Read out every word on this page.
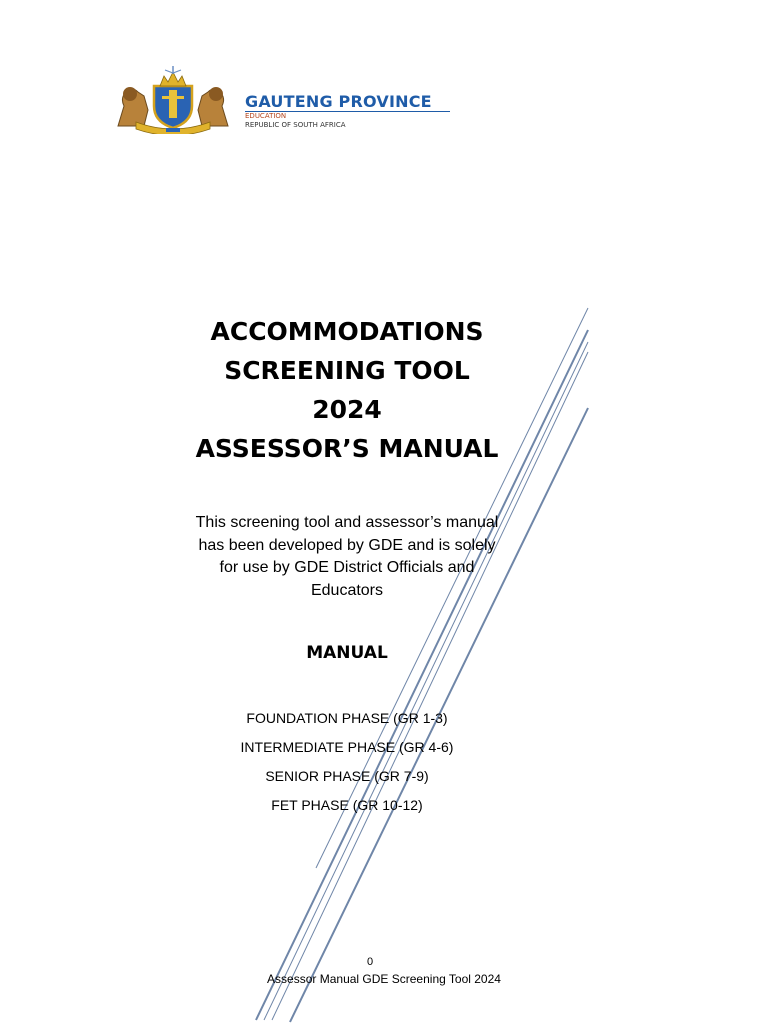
GAUTENG PROVINCE
EDUCATION
REPUBLIC OF SOUTH AFRICA
ACCOMMODATIONS
SCREENING TOOL
2024
ASSESSOR’S MANUAL
This screening tool and assessor’s manual
has been developed by GDE and is solely
for use by GDE District Officials and
Educators
MANUAL
FOUNDATION PHASE (GR 1-3)
INTERMEDIATE PHASE (GR 4-6)
SENIOR PHASE (GR 7-9)
FET PHASE (GR 10-12)
0
Assessor Manual GDE Screening Tool 2024
